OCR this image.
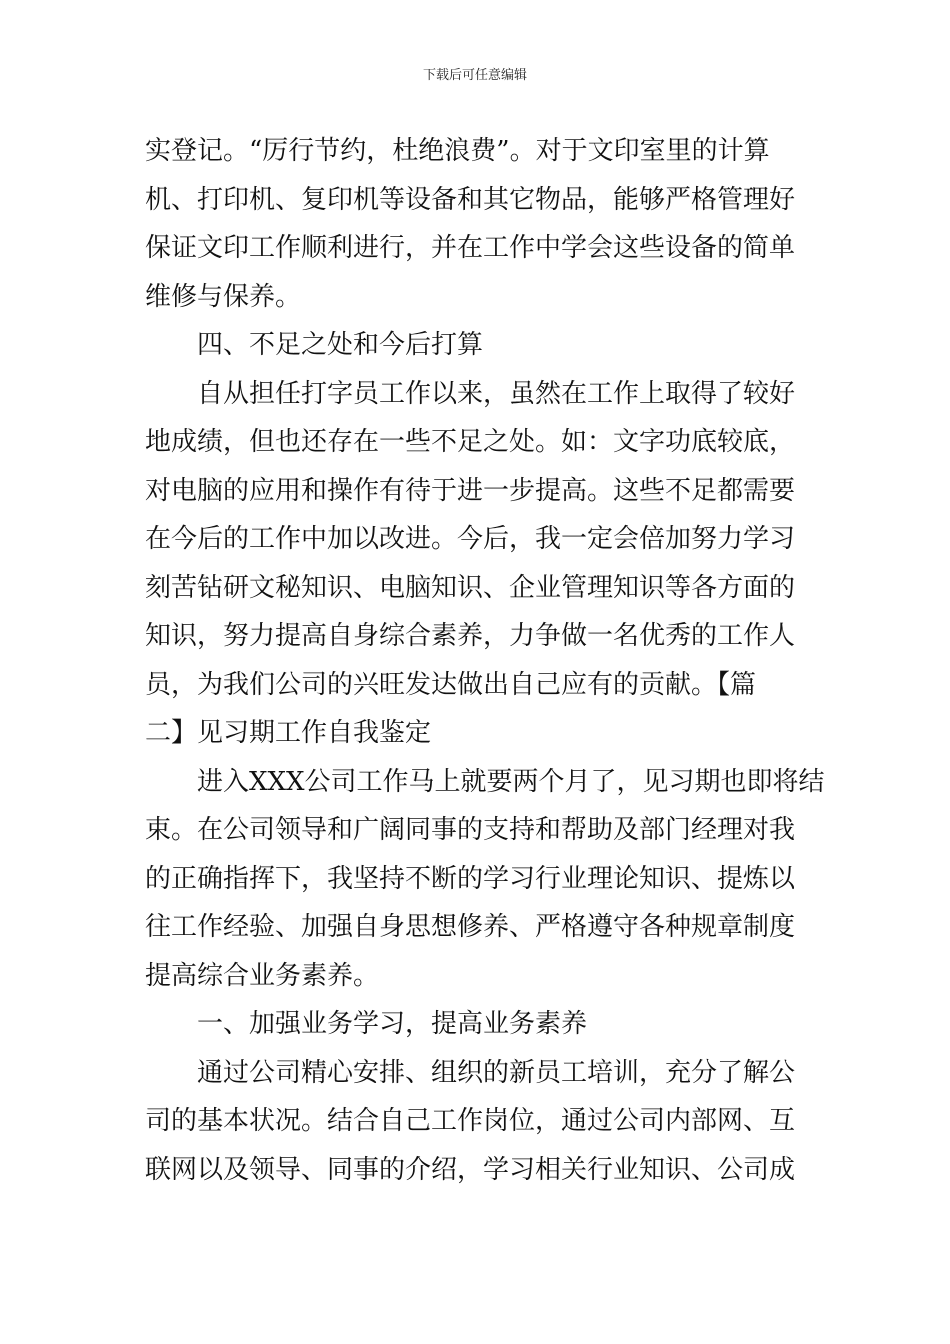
下载后可任意编辑
实登记。“厉行节约，杜绝浪费”。对于文印室里的计算
机、打印机、复印机等设备和其它物品，能够严格管理好
保证文印工作顺利进行，并在工作中学会这些设备的简单
维修与保养。
四、不足之处和今后打算
自从担任打字员工作以来，虽然在工作上取得了较好
地成绩，但也还存在一些不足之处。如：文字功底较底，
对电脑的应用和操作有待于进一步提高。这些不足都需要
在今后的工作中加以改进。今后，我一定会倍加努力学习
刻苦钻研文秘知识、电脑知识、企业管理知识等各方面的
知识，努力提高自身综合素养，力争做一名优秀的工作人
员，为我们公司的兴旺发达做出自己应有的贡献。【篇
二】见习期工作自我鉴定
进入XXX公司工作马上就要两个月了，见习期也即将结
束。在公司领导和广阔同事的支持和帮助及部门经理对我
的正确指挥下，我坚持不断的学习行业理论知识、提炼以
往工作经验、加强自身思想修养、严格遵守各种规章制度
提高综合业务素养。
一、加强业务学习，提高业务素养
通过公司精心安排、组织的新员工培训，充分了解公
司的基本状况。结合自己工作岗位，通过公司内部网、互
联网以及领导、同事的介绍，学习相关行业知识、公司成
